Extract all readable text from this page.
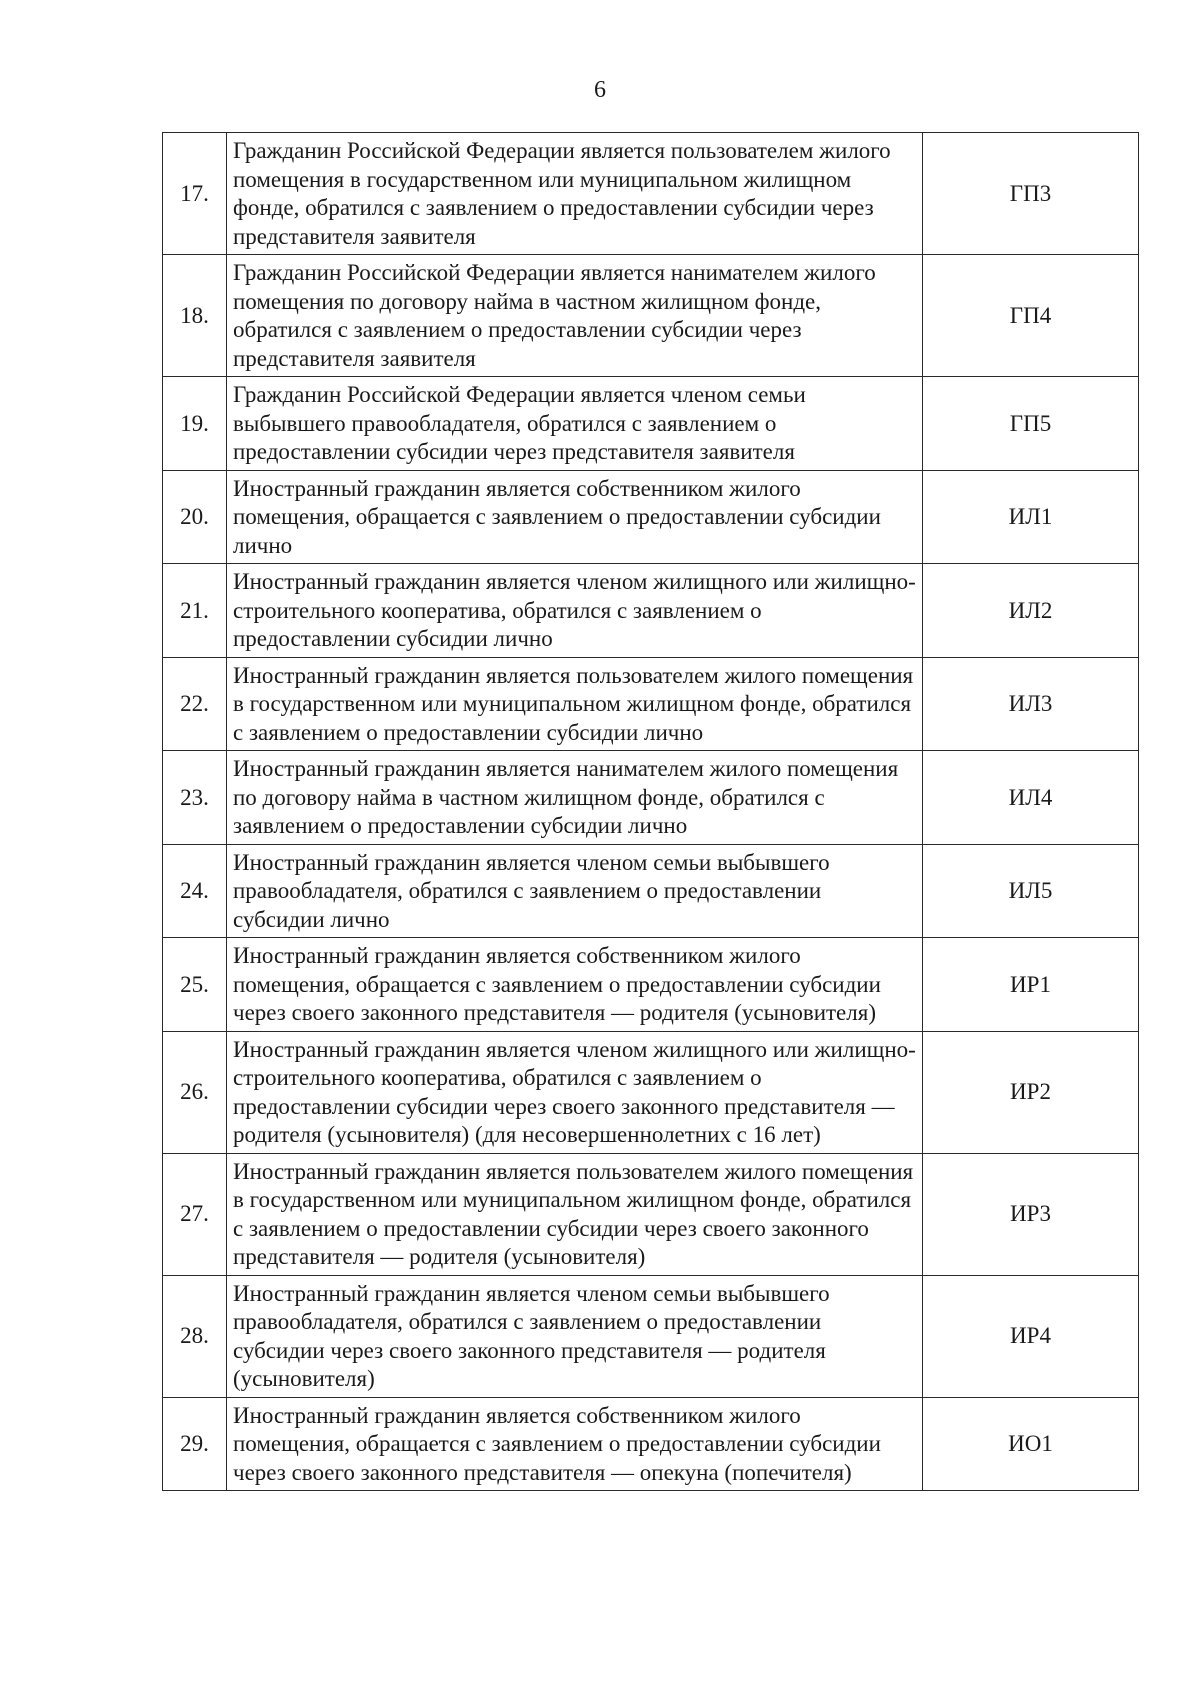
6
17.	Гражданин Российской Федерации является пользователем жилого помещения в государственном или муниципальном жилищном фонде, обратился с заявлением о предоставлении субсидии через представителя заявителя	ГП3
18.	Гражданин Российской Федерации является нанимателем жилого помещения по договору найма в частном жилищном фонде, обратился с заявлением о предоставлении субсидии через представителя заявителя	ГП4
19.	Гражданин Российской Федерации является членом семьи выбывшего правообладателя, обратился с заявлением о предоставлении субсидии через представителя заявителя	ГП5
20.	Иностранный гражданин является собственником жилого помещения, обращается с заявлением о предоставлении субсидии лично	ИЛ1
21.	Иностранный гражданин является членом жилищного или жилищно-строительного кооператива, обратился с заявлением о предоставлении субсидии лично	ИЛ2
22.	Иностранный гражданин является пользователем жилого помещения в государственном или муниципальном жилищном фонде, обратился с заявлением о предоставлении субсидии лично	ИЛ3
23.	Иностранный гражданин является нанимателем жилого помещения по договору найма в частном жилищном фонде, обратился с заявлением о предоставлении субсидии лично	ИЛ4
24.	Иностранный гражданин является членом семьи выбывшего правообладателя, обратился с заявлением о предоставлении субсидии лично	ИЛ5
25.	Иностранный гражданин является собственником жилого помещения, обращается с заявлением о предоставлении субсидии через своего законного представителя — родителя (усыновителя)	ИР1
26.	Иностранный гражданин является членом жилищного или жилищно-строительного кооператива, обратился с заявлением о предоставлении субсидии через своего законного представителя — родителя (усыновителя) (для несовершеннолетних с 16 лет)	ИР2
27.	Иностранный гражданин является пользователем жилого помещения в государственном или муниципальном жилищном фонде, обратился с заявлением о предоставлении субсидии через своего законного представителя — родителя (усыновителя)	ИР3
28.	Иностранный гражданин является членом семьи выбывшего правообладателя, обратился с заявлением о предоставлении субсидии через своего законного представителя — родителя (усыновителя)	ИР4
29.	Иностранный гражданин является собственником жилого помещения, обращается с заявлением о предоставлении субсидии через своего законного представителя — опекуна (попечителя)	ИО1
